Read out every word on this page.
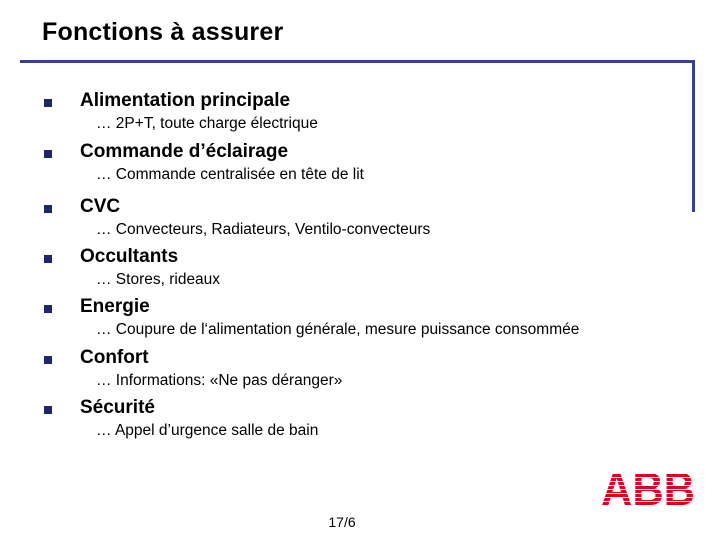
Fonctions à assurer
Alimentation principale
… 2P+T, toute charge électrique
Commande d’éclairage
… Commande centralisée en tête de lit
CVC
… Convecteurs, Radiateurs, Ventilo-convecteurs
Occultants
… Stores, rideaux
Energie
… Coupure de l‘alimentation générale, mesure puissance consommée
Confort
… Informations: «Ne pas déranger»
Sécurité
… Appel d’urgence salle de bain
17/6
ABB
